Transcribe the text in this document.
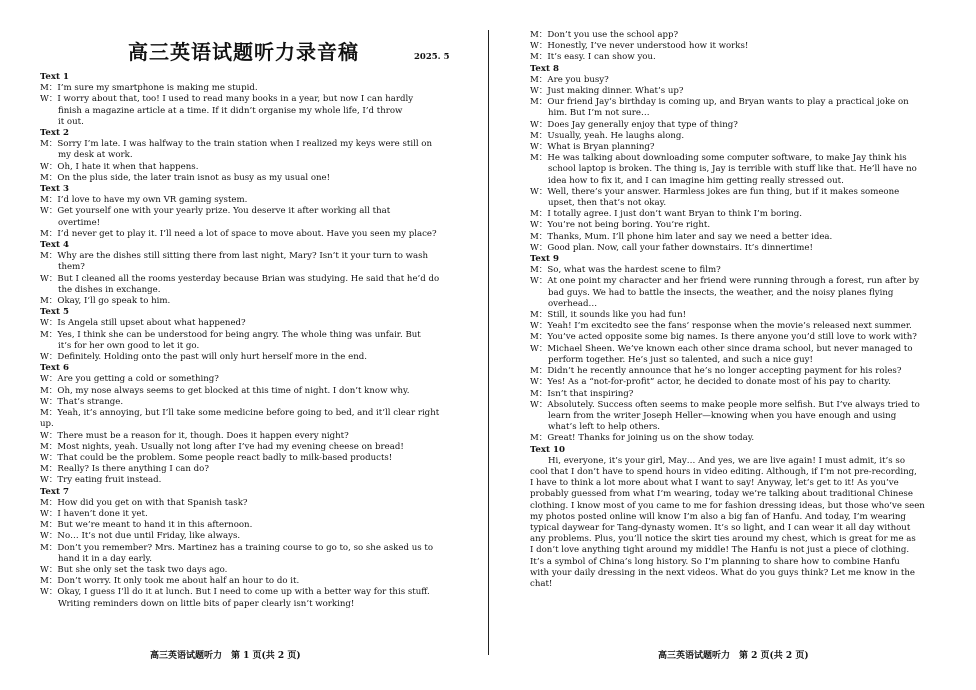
高三英语试题听力录音稿	2025. 5
Text 1
M：I’m sure my smartphone is making me stupid.
W：I worry about that, too! I used to read many books in a year, but now I can hardly
finish a magazine article at a time. If it didn’t organise my whole life, I’d throw
it out.
Text 2
M：Sorry I’m late. I was halfway to the train station when I realized my keys were still on
my desk at work.
W：Oh, I hate it when that happens.
M：On the plus side, the later train isnot as busy as my usual one!
Text 3
M：I’d love to have my own VR gaming system.
W：Get yourself one with your yearly prize. You deserve it after working all that
overtime!
M：I’d never get to play it. I’ll need a lot of space to move about. Have you seen my place?
Text 4
M：Why are the dishes still sitting there from last night, Mary? Isn’t it your turn to wash
them?
W：But I cleaned all the rooms yesterday because Brian was studying. He said that he’d do
the dishes in exchange.
M：Okay, I’ll go speak to him.
Text 5
W：Is Angela still upset about what happened?
M：Yes, I think she can be understood for being angry. The whole thing was unfair. But
it’s for her own good to let it go.
W：Definitely. Holding onto the past will only hurt herself more in the end.
Text 6
W：Are you getting a cold or something?
M：Oh, my nose always seems to get blocked at this time of night. I don’t know why.
W：That’s strange.
M：Yeah, it’s annoying, but I’ll take some medicine before going to bed, and it’ll clear right up.
W：There must be a reason for it, though. Does it happen every night?
M：Most nights, yeah. Usually not long after I’ve had my evening cheese on bread!
W：That could be the problem. Some people react badly to milk-based products!
M：Really? Is there anything I can do?
W：Try eating fruit instead.
Text 7
M：How did you get on with that Spanish task?
W：I haven’t done it yet.
M：But we’re meant to hand it in this afternoon.
W：No… It’s not due until Friday, like always.
M：Don’t you remember? Mrs. Martinez has a training course to go to, so she asked us to
hand it in a day early.
W：But she only set the task two days ago.
M：Don’t worry. It only took me about half an hour to do it.
W：Okay, I guess I’ll do it at lunch. But I need to come up with a better way for this stuff.
Writing reminders down on little bits of paper clearly isn’t working!
M：Don’t you use the school app?
W：Honestly, I’ve never understood how it works!
M：It’s easy. I can show you.
Text 8
M：Are you busy?
W：Just making dinner. What’s up?
M：Our friend Jay’s birthday is coming up, and Bryan wants to play a practical joke on
him. But I’m not sure…
W：Does Jay generally enjoy that type of thing?
M：Usually, yeah. He laughs along.
W：What is Bryan planning?
M：He was talking about downloading some computer software, to make Jay think his
school laptop is broken. The thing is, Jay is terrible with stuff like that. He’ll have no
idea how to fix it, and I can imagine him getting really stressed out.
W：Well, there’s your answer. Harmless jokes are fun thing, but if it makes someone
upset, then that’s not okay.
M：I totally agree. I just don’t want Bryan to think I’m boring.
W：You’re not being boring. You’re right.
M：Thanks, Mum. I’ll phone him later and say we need a better idea.
W：Good plan. Now, call your father downstairs. It’s dinnertime!
Text 9
M：So, what was the hardest scene to film?
W：At one point my character and her friend were running through a forest, run after by
bad guys. We had to battle the insects, the weather, and the noisy planes flying
overhead…
M：Still, it sounds like you had fun!
W：Yeah! I’m excitedto see the fans’ response when the movie’s released next summer.
M：You’ve acted opposite some big names. Is there anyone you’d still love to work with?
W：Michael Sheen. We’ve known each other since drama school, but never managed to
perform together. He’s just so talented, and such a nice guy!
M：Didn’t he recently announce that he’s no longer accepting payment for his roles?
W：Yes! As a “not-for-profit” actor, he decided to donate most of his pay to charity.
M：Isn’t that inspiring?
W：Absolutely. Success often seems to make people more selfish. But I’ve always tried to
learn from the writer Joseph Heller—knowing when you have enough and using
what’s left to help others.
M：Great! Thanks for joining us on the show today.
Text 10
Hi, everyone, it’s your girl, May… And yes, we are live again! I must admit, it’s so
cool that I don’t have to spend hours in video editing. Although, if I’m not pre-recording,
I have to think a lot more about what I want to say! Anyway, let’s get to it! As you’ve
probably guessed from what I’m wearing, today we’re talking about traditional Chinese
clothing. I know most of you came to me for fashion dressing ideas, but those who’ve seen
my photos posted online will know I’m also a big fan of Hanfu. And today, I’m wearing
typical daywear for Tang-dynasty women. It’s so light, and I can wear it all day without
any problems. Plus, you’ll notice the skirt ties around my chest, which is great for me as
I don’t love anything tight around my middle! The Hanfu is not just a piece of clothing.
It’s a symbol of China’s long history. So I’m planning to share how to combine Hanfu
with your daily dressing in the next videos. What do you guys think? Let me know in the
chat!
高三英语试题听力　第 1 页(共 2 页)	高三英语试题听力　第 2 页(共 2 页)
